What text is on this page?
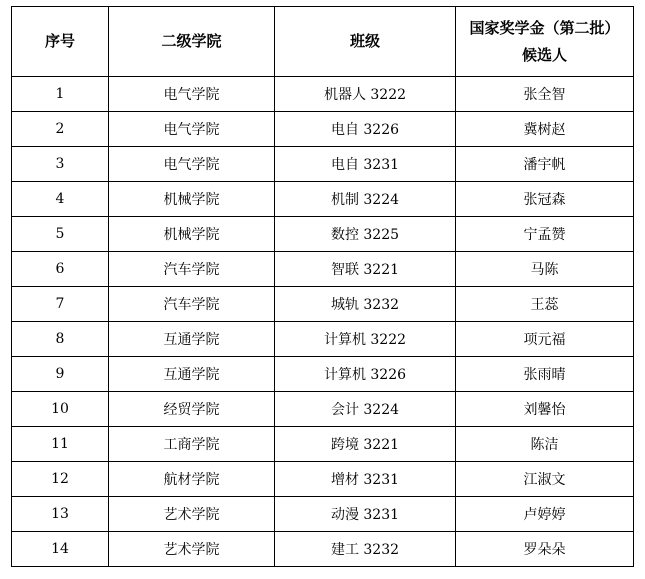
序号	二级学院	班级	国家奖学金（第二批）
候选人

1	电气学院	机器人 3222	张全智
2	电气学院	电自 3226	冀树赵
3	电气学院	电自 3231	潘宇帆
4	机械学院	机制 3224	张冠森
5	机械学院	数控 3225	宁孟赞
6	汽车学院	智联 3221	马陈
7	汽车学院	城轨 3232	王蕊
8	互通学院	计算机 3222	项元福
9	互通学院	计算机 3226	张雨晴
10	经贸学院	会计 3224	刘馨怡
11	工商学院	跨境 3221	陈洁
12	航材学院	增材 3231	江淑文
13	艺术学院	动漫 3231	卢婷婷
14	艺术学院	建工 3232	罗朵朵
